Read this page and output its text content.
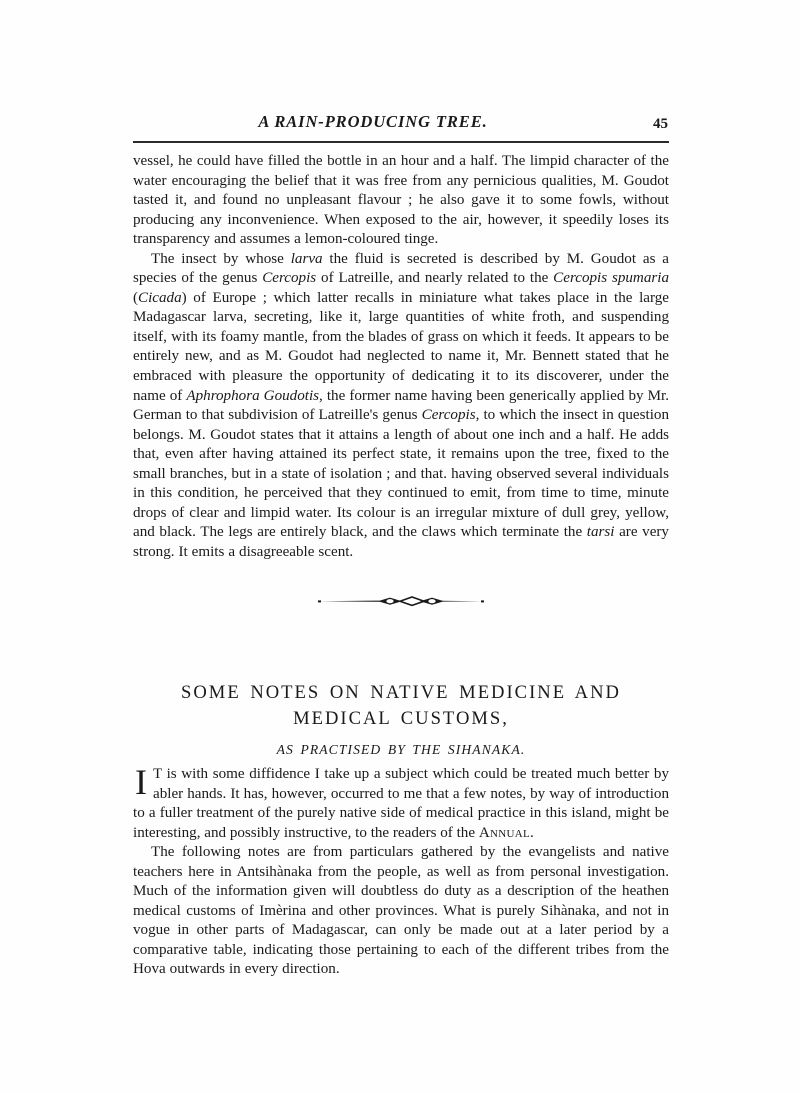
A RAIN-PRODUCING TREE.	45

vessel, he could have filled the bottle in an hour and a half. The limpid character of the water encouraging the belief that it was free from any pernicious qualities, M. Goudot tasted it, and found no unpleasant flavour ; he also gave it to some fowls, without producing any inconvenience. When exposed to the air, however, it speedily loses its transparency and assumes a lemon-coloured tinge.

The insect by whose larva the fluid is secreted is described by M. Goudot as a species of the genus Cercopis of Latreille, and nearly related to the Cercopis spumaria (Cicada) of Europe ; which latter recalls in miniature what takes place in the large Madagascar larva, secreting, like it, large quantities of white froth, and suspending itself, with its foamy mantle, from the blades of grass on which it feeds. It appears to be entirely new, and as M. Goudot had neglected to name it, Mr. Bennett stated that he embraced with pleasure the opportunity of dedicating it to its discoverer, under the name of Aphrophora Goudotis, the former name having been generically applied by Mr. German to that subdivision of Latreille's genus Cercopis, to which the insect in question belongs. M. Goudot states that it attains a length of about one inch and a half. He adds that, even after having attained its perfect state, it remains upon the tree, fixed to the small branches, but in a state of isolation ; and that. having observed several individuals in this condition, he perceived that they continued to emit, from time to time, minute drops of clear and limpid water. Its colour is an irregular mixture of dull grey, yellow, and black. The legs are entirely black, and the claws which terminate the tarsi are very strong. It emits a disagreeable scent.

SOME NOTES ON NATIVE MEDICINE AND
MEDICAL CUSTOMS,
AS PRACTISED BY THE SIHANAKA.

I T is with some diffidence I take up a subject which could be treated much better by abler hands. It has, however, occurred to me that a few notes, by way of introduction to a fuller treatment of the purely native side of medical practice in this island, might be interesting, and possibly instructive, to the readers of the Annual.

The following notes are from particulars gathered by the evangelists and native teachers here in Antsihànaka from the people, as well as from personal investigation. Much of the information given will doubtless do duty as a description of the heathen medical customs of Imèrina and other provinces. What is purely Sihànaka, and not in vogue in other parts of Madagascar, can only be made out at a later period by a comparative table, indicating those pertaining to each of the different tribes from the Hova outwards in every direction.
